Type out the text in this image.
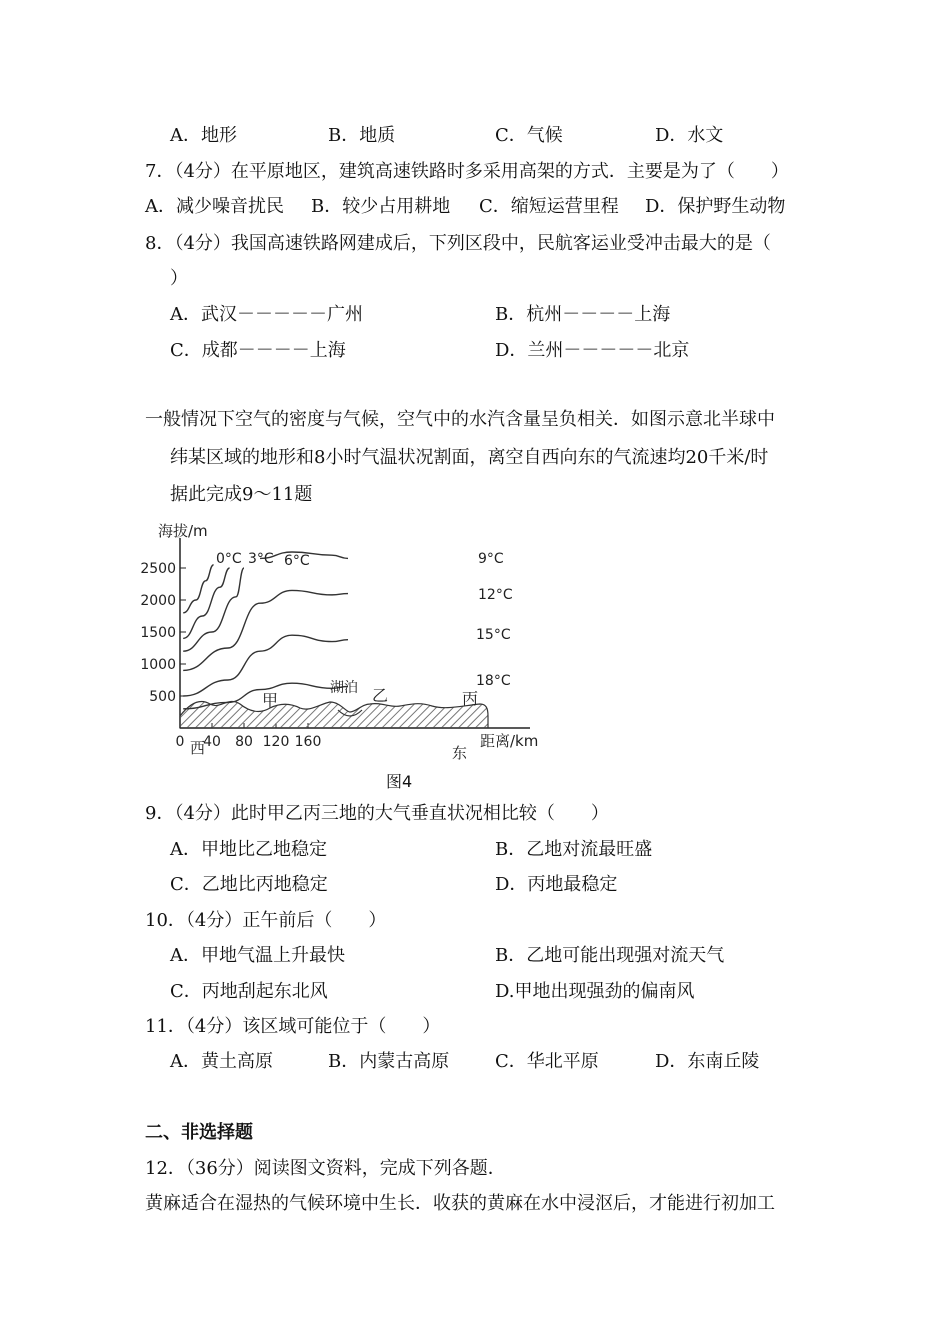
A．地形	B．地质	C．气候	D．水文
7．（4分）在平原地区，建筑高速铁路时多采用高架的方式．主要是为了（　　）
A．减少噪音扰民 B．较少占用耕地 C．缩短运营里程 D．保护野生动物
8．（4分）我国高速铁路网建成后，下列区段中，民航客运业受冲击最大的是（
）
A．武汉－－－－－广州	B．杭州－－－－上海
C．成都－－－－上海	D．兰州－－－－－北京
一般情况下空气的密度与气候，空气中的水汽含量呈负相关．如图示意北半球中
纬某区域的地形和8小时气温状况割面，离空自西向东的气流速均20千米/时
据此完成9～11题
500
1000
1500
2000
2500
0 40 80 120 160
海拔/m
距离/km
西	东
甲	乙	丙
湖泊
0°C 3°C 6°C	9°C
12°C
15°C
18°C
图4
9．（4分）此时甲乙丙三地的大气垂直状况相比较（　　）
A．甲地比乙地稳定	B．乙地对流最旺盛
C．乙地比丙地稳定	D．丙地最稳定
10．（4分）正午前后（　　）
A．甲地气温上升最快	B．乙地可能出现强对流天气
C．丙地刮起东北风	D.甲地出现强劲的偏南风
11．（4分）该区域可能位于（　　）
A．黄土高原	B．内蒙古高原	C．华北平原	D．东南丘陵
二、非选择题
12．（36分）阅读图文资料，完成下列各题．
黄麻适合在湿热的气候环境中生长．收获的黄麻在水中浸沤后，才能进行初加工
